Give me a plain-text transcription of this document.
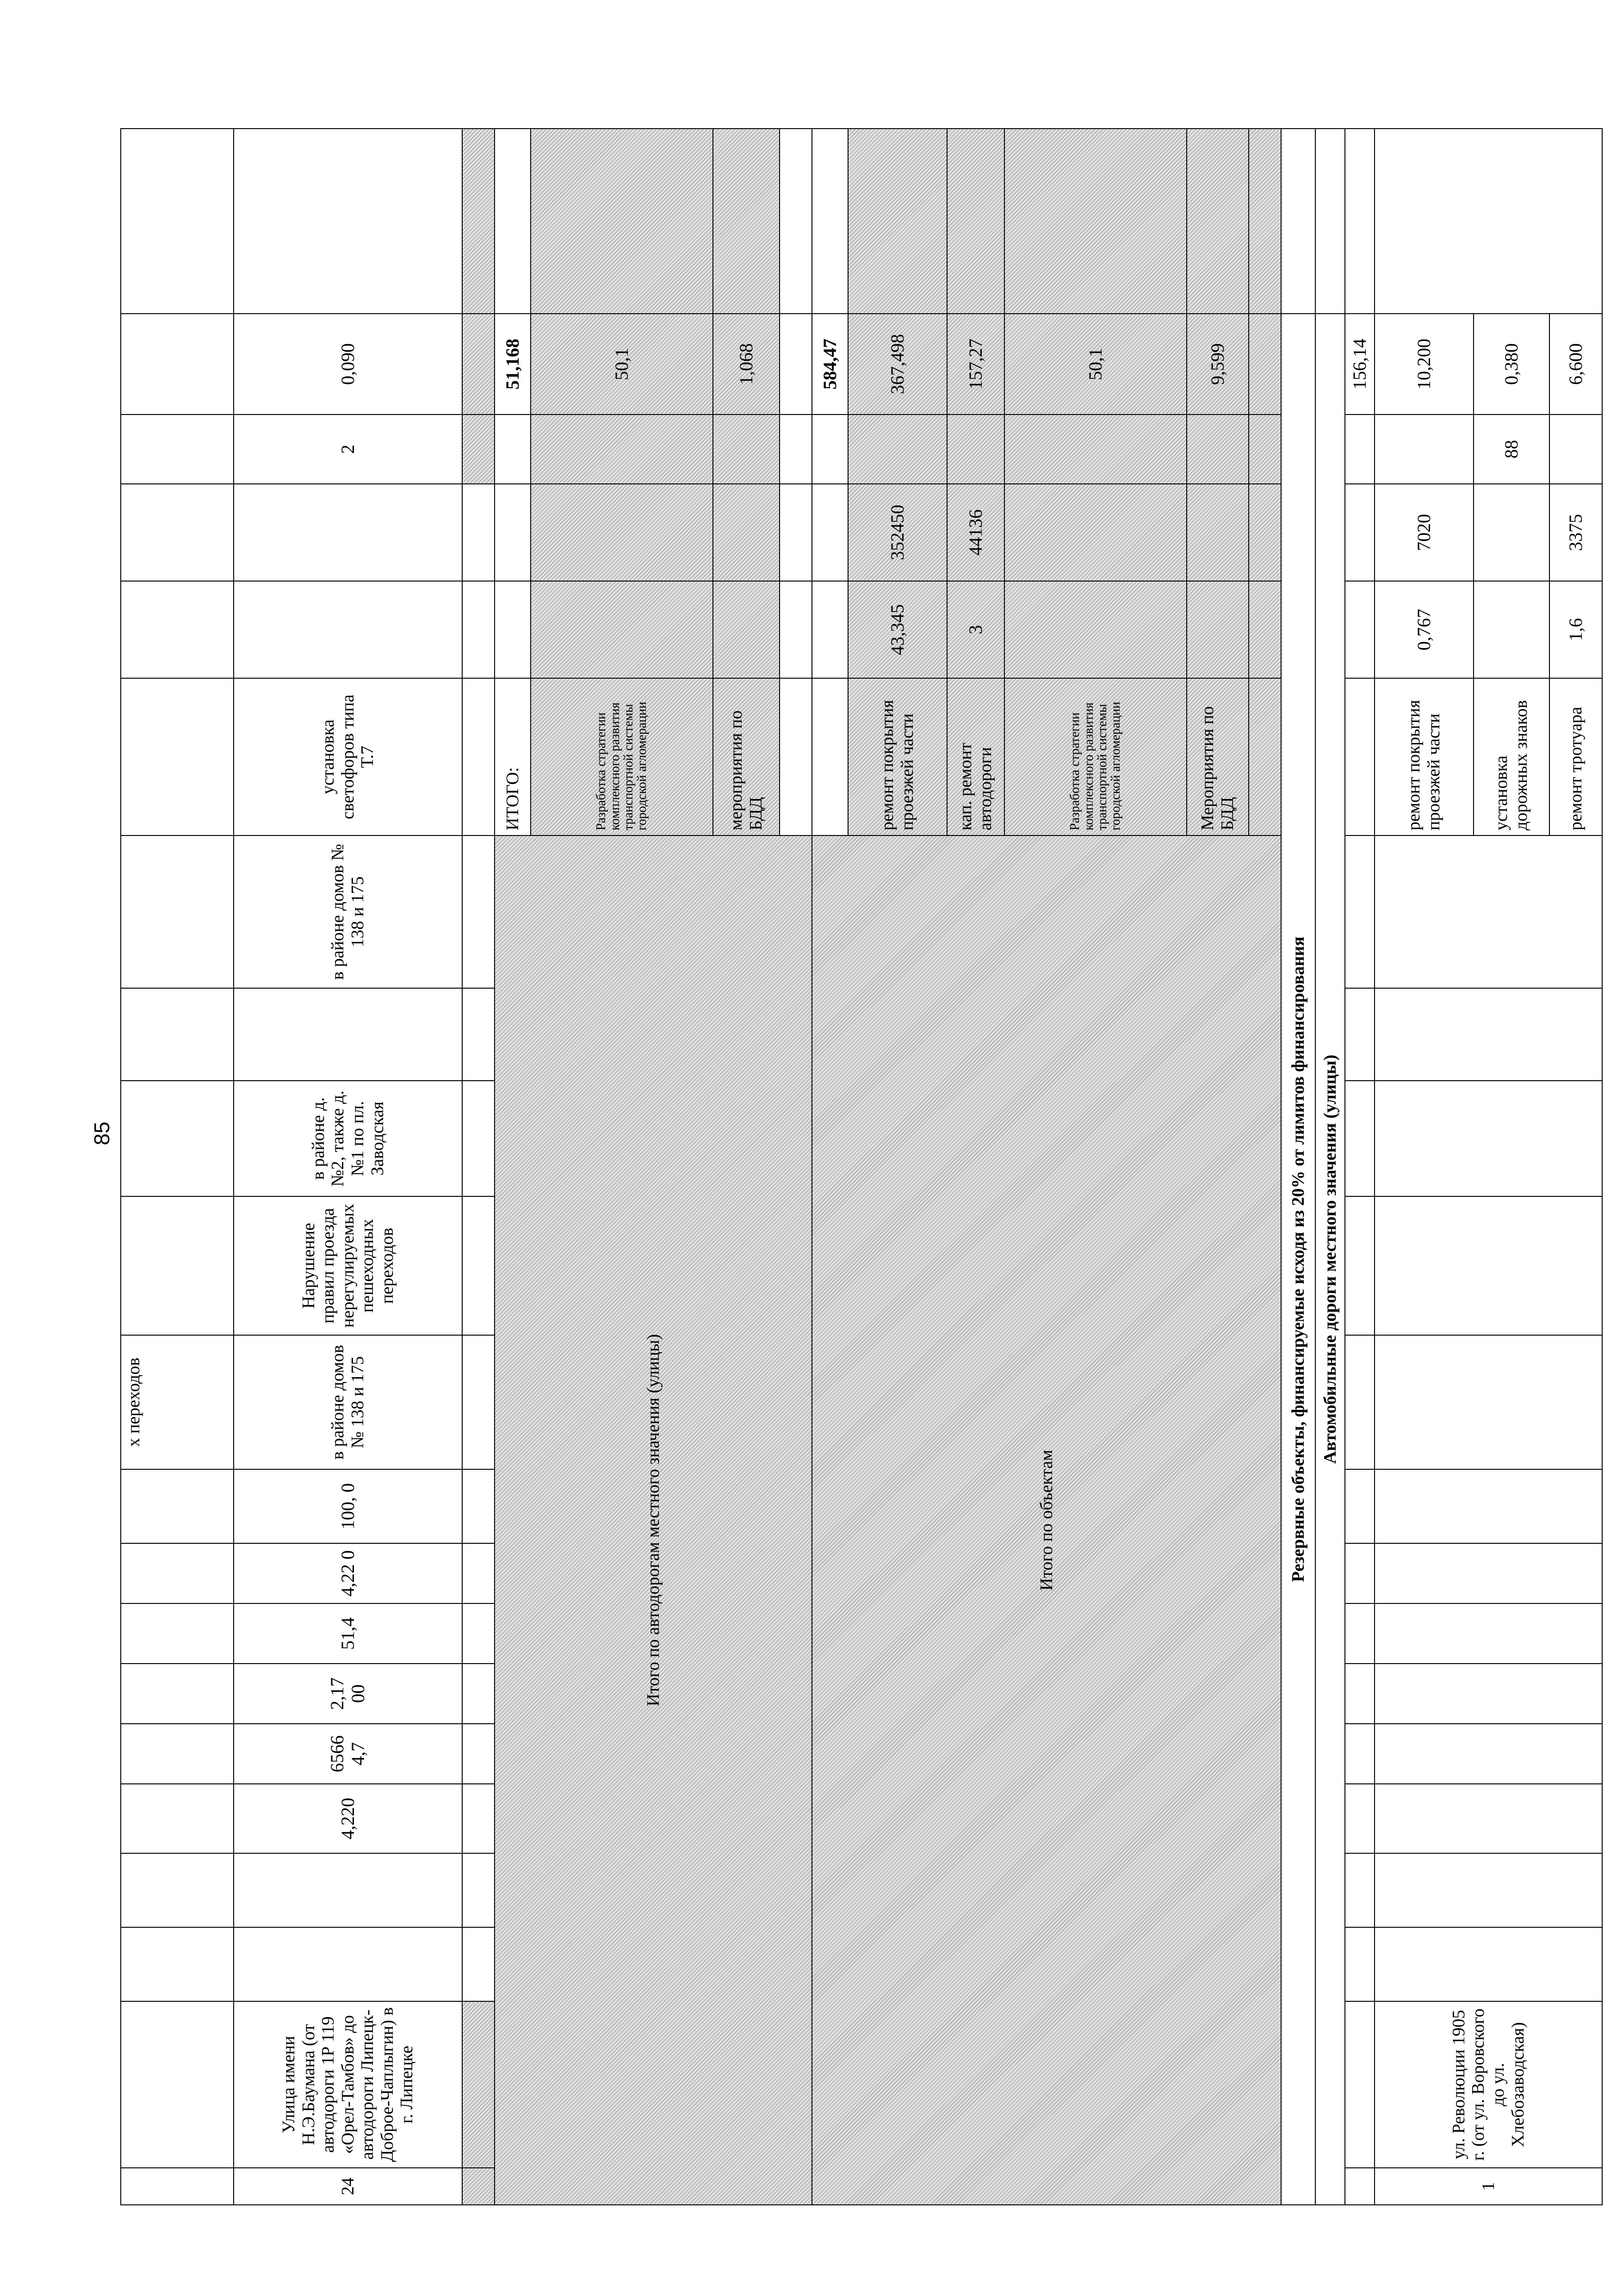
85
										х переходов										
24	Улица имени Н.Э.Баумана (от автодороги 1Р 119 «Орел-Тамбов» до автодороги Липецк-Доброе-Чаплыгин) в г. Липецке			4,220	6566 4,7	2,17 00	51,4	4,22 0	100, 0	в районе домов № 138 и 175	Нарушение правил проезда нерегулируемых пешеходных переходов	в районе д. №2, также д. №1 по пл. Заводская		в районе домов № 138 и 175	установка светофоров типа Т.7			2	0,090	

Итого по автодорогам местного значения (улицы)															ИТОГО:				51,168	
															Разработка стратегии комплексного развития транспортной системы городской агломерации				50,1	
															мероприятия по БДД				1,068	

Итого по объектам																			584,47	
															ремонт покрытия проезжей части	43,345	352450		367,498	
															кап. ремонт автодороги	3	44136		157,27	
															Разработка стратегии комплексного развития транспортной системы городской агломерации				50,1	
															Мероприятия по БДД				9,599	

Резервные объекты, финансируемые исходя из 20% от лимитов финансирования																				
Автомобильные дороги местного значения (улицы)																				
																			156,14	
1	ул. Революции 1905 г. (от ул. Воровского до ул. Хлебозаводская)														ремонт покрытия проезжей части	0,767	7020		10,200	
															установка дорожных знаков			88	0,380	
															ремонт тротуара	1,6	3375		6,600	
